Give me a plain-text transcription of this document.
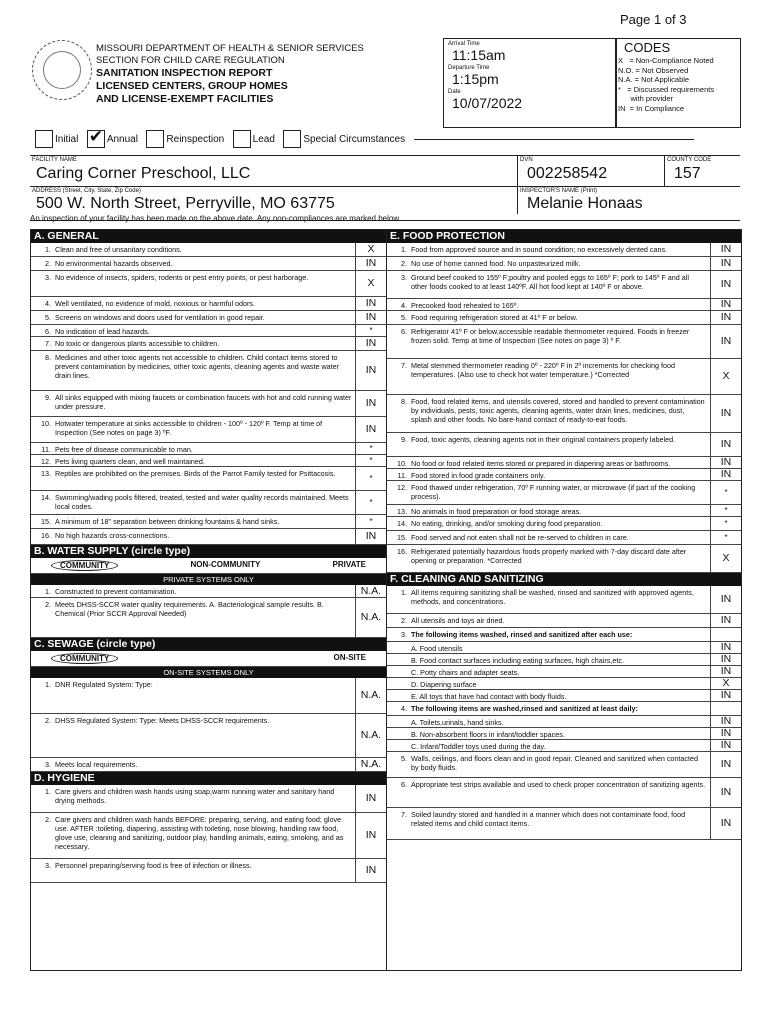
Page 1 of 3
MISSOURI DEPARTMENT OF HEALTH & SENIOR SERVICES
SECTION FOR CHILD CARE REGULATION
SANITATION INSPECTION REPORT
LICENSED CENTERS, GROUP HOMES
AND LICENSE-EXEMPT FACILITIES
Arrival Time
11:15am
Departure Time
1:15pm
Date
10/07/2022
CODES
X   = Non-Compliance Noted
N.O. = Not Observed
N.A. = Not Applicable
*   = Discussed requirements
with provider
IN  = In Compliance
Initial ✔	Annual	Reinspection	Lead	Special Circumstances
FACILITY NAME
Caring Corner Preschool, LLC
DVN
002258542
COUNTY CODE
157
ADDRESS (Street, City, State, Zip Code)
500 W. North Street, Perryville, MO 63775
INSPECTOR'S NAME (Print)
Melanie Honaas
An inspection of your facility has been made on the above date. Any non-compliances are marked below.
A. GENERAL
1. Clean and free of unsanitary conditions.	X
2. No environmental hazards observed.	IN
3. No evidence of insects, spiders, rodents or pest entry points, or pest harborage.	X
4. Well ventilated, no evidence of mold, noxious or harmful odors.	IN
5. Screens on windows and doors used for ventilation in good repair.	IN
6. No indication of lead hazards.	*
7. No toxic or dangerous plants accessible to children.	IN
8. Medicines and other toxic agents not accessible to children. Child contact items stored to prevent contamination by medicines, other toxic agents, cleaning agents and waste water drain lines.	IN
9. All sinks equipped with mixing faucets or combination faucets with hot and cold running water under pressure.	IN
10. Hotwater temperature at sinks accessible to children - 100º - 120º F. Temp at time of Inspection (See notes on page 3) ºF.	IN
11. Pets free of disease communicable to man.	*
12. Pets living quarters clean, and well maintained.	*
13. Reptiles are prohibited on the premises. Birds of the Parrot Family tested for Psittacosis.
*
14. Swimming/wading pools filtered, treated, tested and water quality records maintained. Meets local codes.	*
15. A minimum of 18" separation between drinking fountains & hand sinks.	*
16. No high hazards cross-connections.	IN
B. WATER SUPPLY (circle type)
COMMUNITY	NON-COMMUNITY	PRIVATE
PRIVATE SYSTEMS ONLY
1. Constructed to prevent contamination.	N.A.
2. Meets DHSS-SCCR water quality requirements. A. Bacteriological sample results. B. Chemical (Prior SCCR Approval Needed)	N.A.
C. SEWAGE (circle type)
COMMUNITY	ON-SITE
ON-SITE SYSTEMS ONLY
1. DNR Regulated System: Type:
N.A.
2. DHSS Regulated System: Type: Meets DHSS-SCCR requirements.
N.A.
3. Meets local requirements.	N.A.
D. HYGIENE
1. Care givers and children wash hands using soap,warm running water and sanitary hand drying methods.	IN
2. Care givers and children wash hands BEFORE: preparing, serving, and eating food; glove use. AFTER :toileting, diapering, assisting with toileting, nose blowing, handling raw food, glove use, cleaning and sanitizing, outdoor play, handling animals, eating, smoking, and as necessary.
IN
3. Personnel preparing/serving food is free of infection or illness.	IN
E. FOOD PROTECTION
1. Food from approved source and in sound condition; no excessively dented cans.	IN
2. No use of home canned food. No unpasteurized milk.	IN
3. Ground beef cooked to 155º F;poultry and pooled eggs to 165º F; pork to 145º F and all other foods cooked to at least 140ºF. All hot food kept at 140º F or above.	IN
4. Precooked food reheated to 165º.	IN
5. Food requiring refrigeration stored at 41º F or below.	IN
6. Refrigerator 41º F or below,accessible readable thermometer required. Foods in freezer frozen solid. Temp at time of Inspection (See notes on page 3) º F.	IN
7. Metal stemmed thermometer reading 0º - 220º F in 2º increments for checking food temperatures. (Also use to check hot water temperature.) *Corrected	X
8. Food, food related items, and utensils covered, stored and handled to prevent contamination by individuals, pests, toxic agents, cleaning agents, water drain lines, medicines, dust, splash and other foods. No bare-hand contact of ready-to-eat foods.
IN
9. Food, toxic agents, cleaning agents not in their original containers properly labeled.	IN
10. No food or food related items stored or prepared in diapering areas or bathrooms.	IN
11. Food stored in food grade containers only.	IN
12. Food thawed under refrigeration, 70º F running water, or microwave (if part of the cooking process).	*
13. No animals in food preparation or food storage areas.	*
14. No eating, drinking, and/or smoking during food preparation.	*
15. Food served and not eaten shall not be re-served to children in care.	*
16. Refrigerated potentially hazardous foods properly marked with 7-day discard date after opening or preparation. *Corrected	X
F. CLEANING AND SANITIZING
1. All items requiring sanitizing shall be washed, rinsed and sanitized with approved agents, methods, and concentrations.	IN
2. All utensils and toys air dried.	IN
3. The following items washed, rinsed and sanitized after each use:
A. Food utensils	IN
B. Food contact surfaces including eating surfaces, high chairs,etc.	IN
C. Potty chairs and adapter seats.	IN
D. Diapering surface	X
E. All toys that have had contact with body fluids.	IN
4. The following items are washed,rinsed and sanitized at least daily:
A. Toilets,urinals, hand sinks.	IN
B. Non-absorbent floors in infant/toddler spaces.	IN
C. Infant/Toddler toys used during the day.	IN
5. Walls, ceilings, and floors clean and in good repair. Cleaned and sanitized when contacted by body fluids.	IN
6. Appropriate test strips available and used to check proper concentration of sanitizing agents.
IN
7. Soiled laundry stored and handled in a manner which does not contaminate food, food related items and child contact items.	IN
